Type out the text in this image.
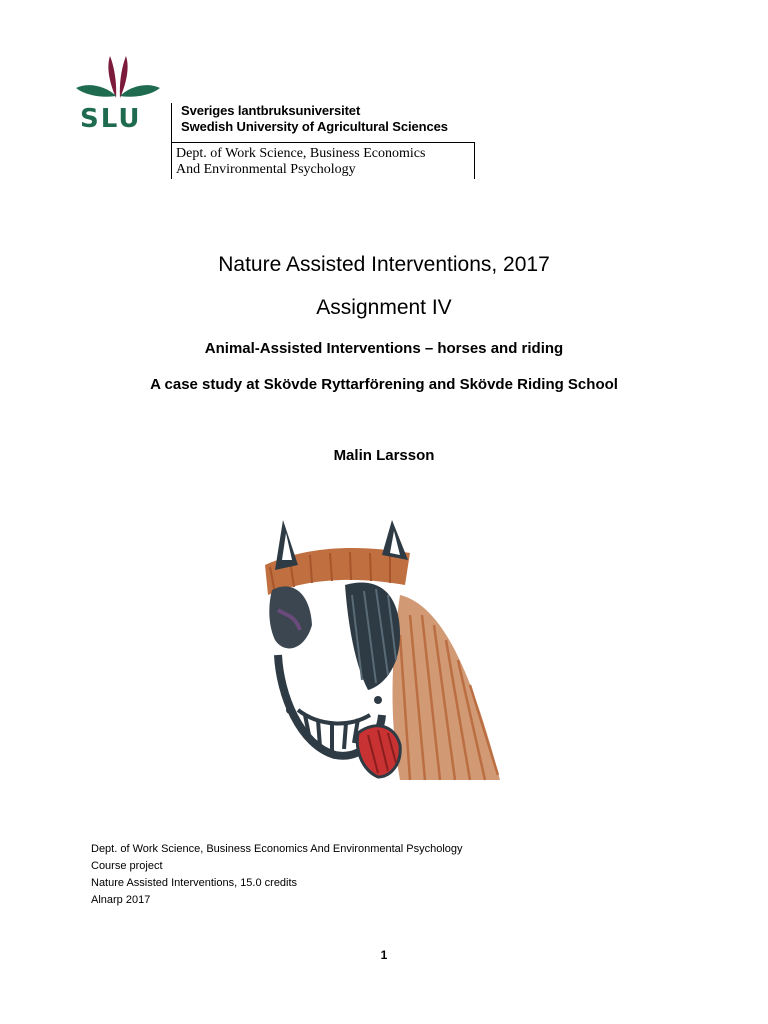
SLU	Sveriges lantbruksuniversitet
Swedish University of Agricultural Sciences
Dept. of Work Science, Business Economics
And Environmental Psychology
Nature Assisted Interventions, 2017
Assignment IV
Animal-Assisted Interventions – horses and riding
A case study at Skövde Ryttarförening and Skövde Riding School
Malin Larsson
Dept. of Work Science, Business Economics And Environmental Psychology
Course project
Nature Assisted Interventions, 15.0 credits
Alnarp 2017
1
